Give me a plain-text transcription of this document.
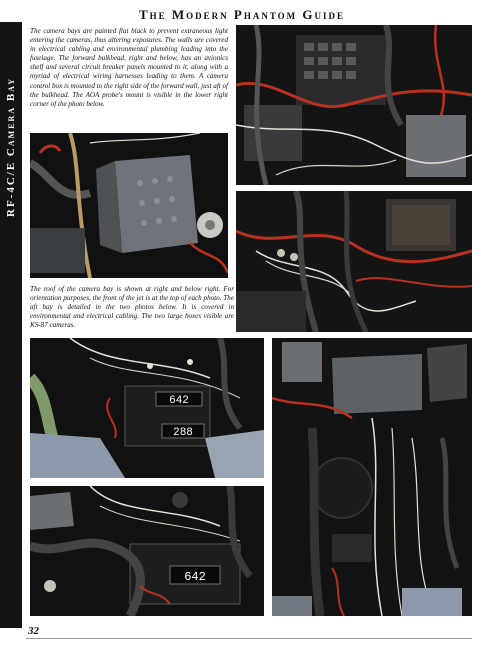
The Modern Phantom Guide
RF-4C/E Camera Bay

The camera bays are painted flat black to prevent extraneous light entering the cameras, thus altering exposures. The walls are covered in electrical cabling and environmental plumbing leading into the fuselage. The forward bulkhead, right and below, has an avionics shelf and several circuit breaker panels mounted to it, along with a myriad of electrical wiring harnesses leading to them. A camera control box is mounted to the right side of the forward wall, just aft of the bulkhead. The AOA probe's mount is visible in the lower right corner of the photo below.

The roof of the camera bay is shown at right and below right. For orientation purposes, the front of the jet is at the top of each photo. The aft bay is detailed in the two photos below. It is covered in environmental and electrical cabling. The two large boxes visible are KS-87 cameras.

642
288
642
32
